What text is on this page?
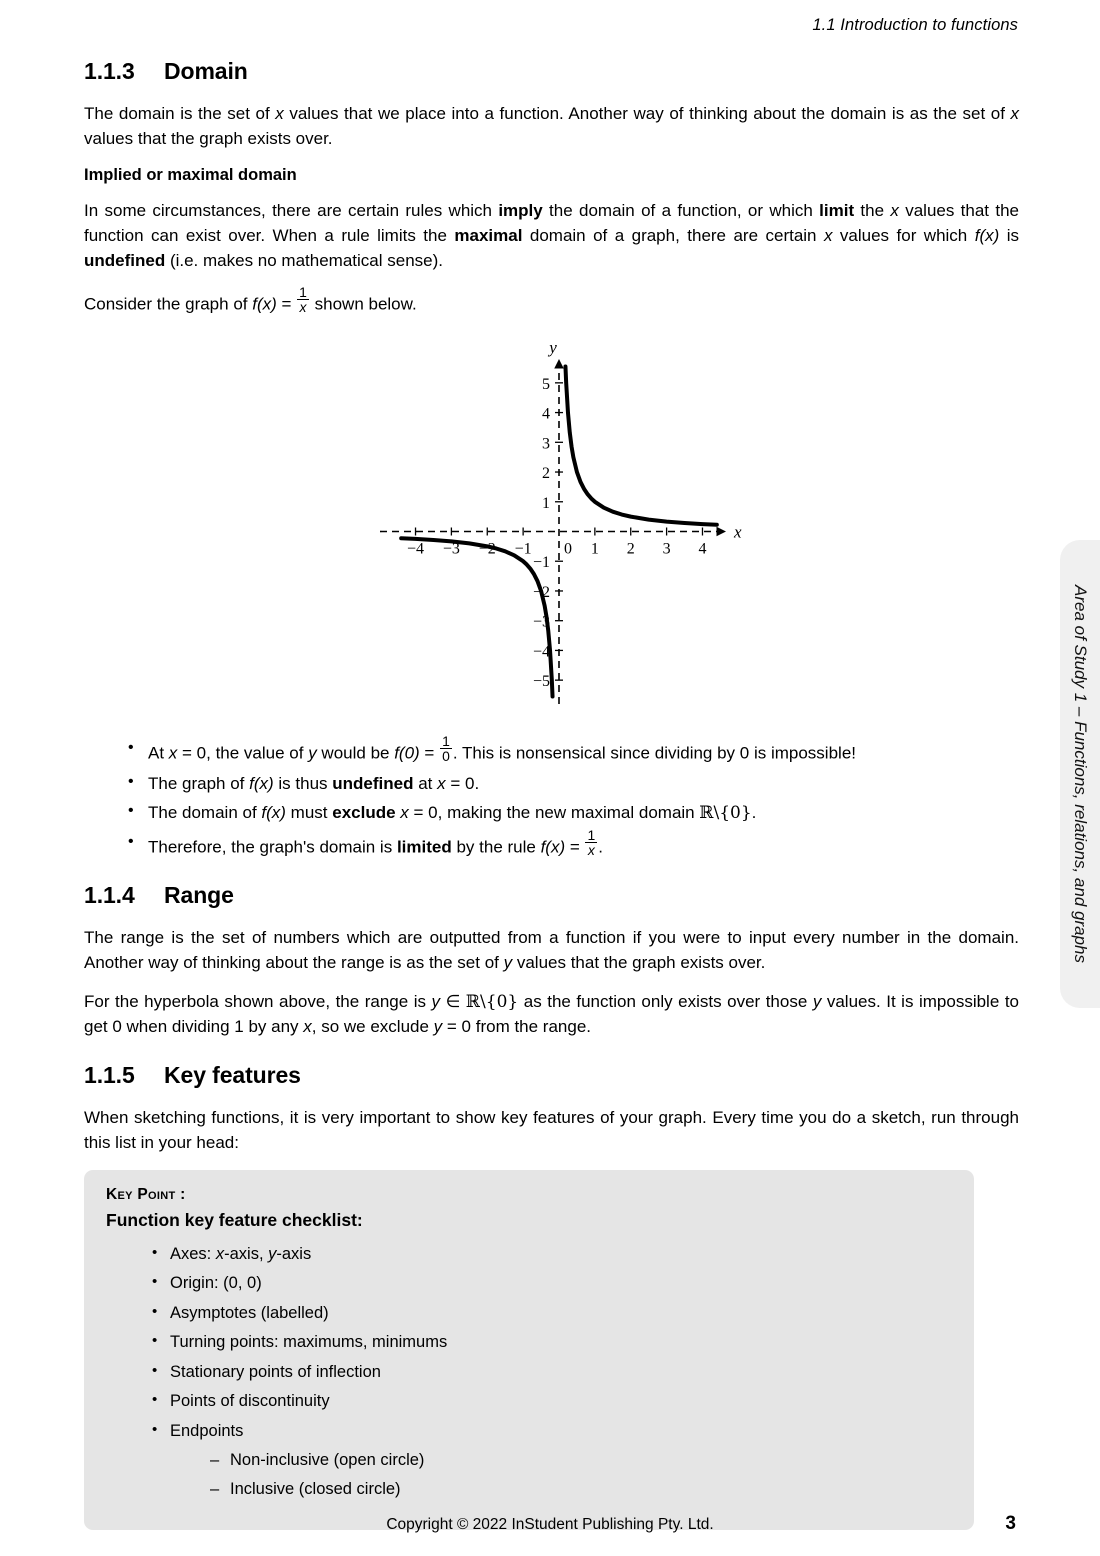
1.1 Introduction to functions
1.1.3 Domain

The domain is the set of x values that we place into a function. Another way of thinking about the domain is as the set of x values that the graph exists over.

Implied or maximal domain

In some circumstances, there are certain rules which imply the domain of a function, or which limit the x values that the function can exist over. When a rule limits the maximal domain of a graph, there are certain x values for which f(x) is undefined (i.e. makes no mathematical sense).

Consider the graph of $f(x) = \frac{1}{x}$ shown below.

x
y
−4 −3 −2 −1 0 1 2 3 4
−5
−4
−3
−2
−1
1
2
3
4
5
• At x = 0, the value of y would be $f(0) = \frac{1}{0}$ . This is nonsensical since dividing by 0 is impossible!
• The graph of f(x) is thus undefined at x = 0.
• The domain of f(x) must exclude x = 0, making the new maximal domain ℝ\{0}.
• Therefore, the graph's domain is limited by the rule $f(x) = \frac{1}{x}$ .
1.1.4 Range

The range is the set of numbers which are outputted from a function if you were to input every number in the domain. Another way of thinking about the range is as the set of y values that the graph exists over.

For the hyperbola shown above, the range is y ∈ ℝ\{0} as the function only exists over those y values. It is impossible to get 0 when dividing 1 by any x, so we exclude y = 0 from the range.

1.1.5 Key features

When sketching functions, it is very important to show key features of your graph. Every time you do a sketch, run through this list in your head:

Key Point :
Function key feature checklist:
• Axes: x-axis, y-axis
• Origin: (0, 0)
• Asymptotes (labelled)
• Turning points: maximums, minimums
• Stationary points of inflection
• Points of discontinuity
• Endpoints
– Non-inclusive (open circle)
– Inclusive (closed circle)
Area of Study 1 – Functions, relations, and graphs
Copyright © 2022 InStudent Publishing Pty. Ltd.	3
